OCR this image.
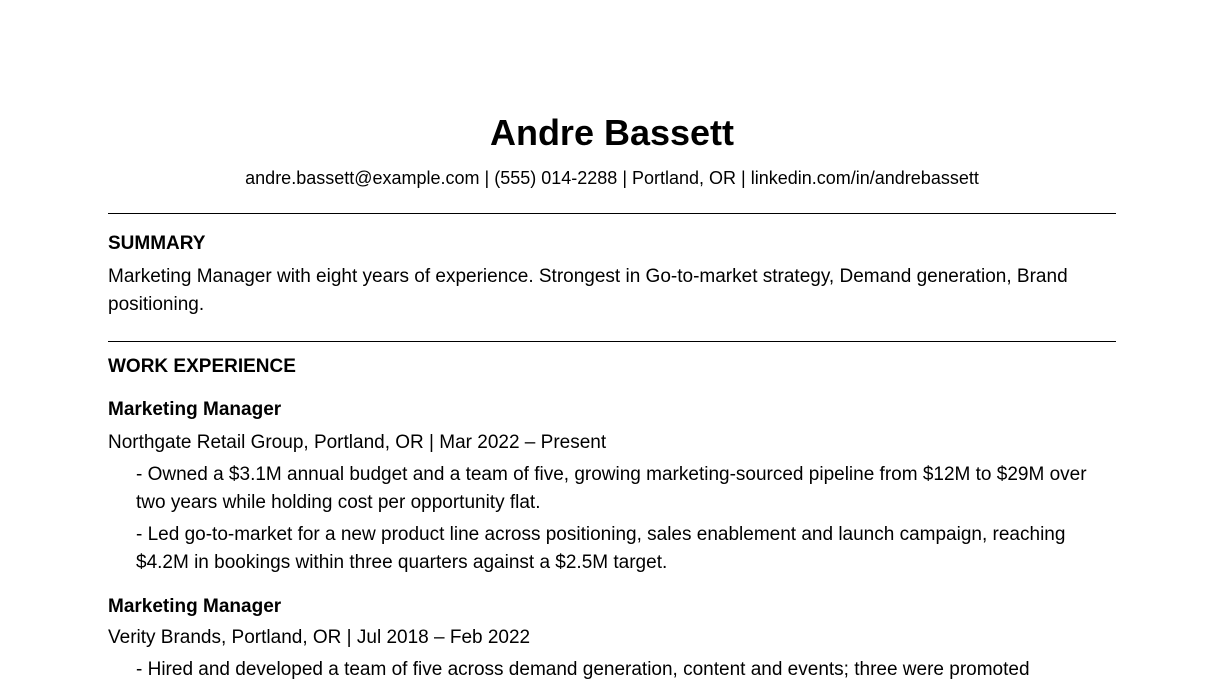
Andre Bassett
andre.bassett@example.com | (555) 014-2288 | Portland, OR | linkedin.com/in/andrebassett
SUMMARY
Marketing Manager with eight years of experience. Strongest in Go-to-market strategy, Demand generation, Brand positioning.
WORK EXPERIENCE
Marketing Manager
Northgate Retail Group, Portland, OR | Mar 2022 – Present
- Owned a $3.1M annual budget and a team of five, growing marketing-sourced pipeline from $12M to $29M over two years while holding cost per opportunity flat.
- Led go-to-market for a new product line across positioning, sales enablement and launch campaign, reaching $4.2M in bookings within three quarters against a $2.5M target.
Marketing Manager
Verity Brands, Portland, OR | Jul 2018 – Feb 2022
- Hired and developed a team of five across demand generation, content and events; three were promoted
